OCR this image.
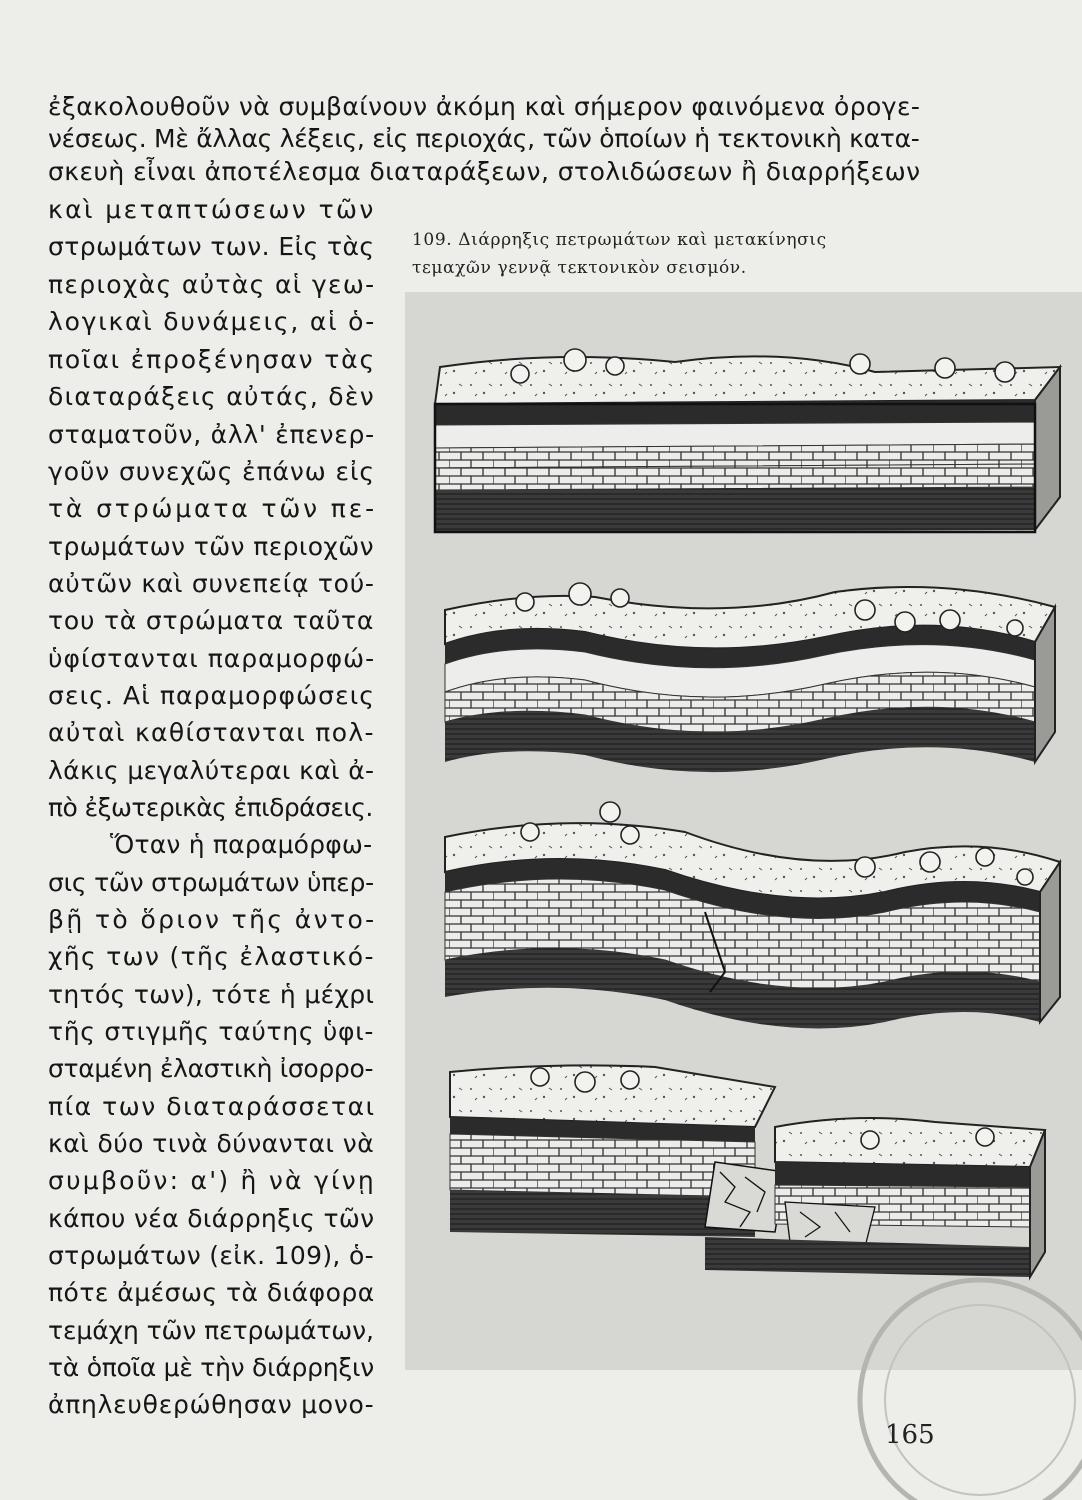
ἐξακολουθοῦν νὰ συμβαίνουν ἀκόμη καὶ σήμερον φαινόμενα ὀρογε-
νέσεως. Μὲ ἄλλας λέξεις, εἰς περιοχάς, τῶν ὁποίων ἡ τεκτονικὴ κατα-
σκευὴ εἶναι ἀποτέλεσμα διαταράξεων, στολιδώσεων ἢ διαρρήξεων
καὶ μεταπτώσεων τῶν
στρωμάτων των. Εἰς τὰς
περιοχὰς αὐτὰς αἱ γεω-
λογικαὶ δυνάμεις, αἱ ὁ-
ποῖαι ἐπροξένησαν τὰς
διαταράξεις αὐτάς, δὲν
σταματοῦν, ἀλλ' ἐπενερ-
γοῦν συνεχῶς ἐπάνω εἰς
τὰ στρώματα τῶν πε-
τρωμάτων τῶν περιοχῶν
αὐτῶν καὶ συνεπείᾳ τού-
του τὰ στρώματα ταῦτα
ὑφίστανται παραμορφώ-
σεις. Αἱ παραμορφώσεις
αὐταὶ καθίστανται πολ-
λάκις μεγαλύτεραι καὶ ἀ-
πὸ ἐξωτερικὰς ἐπιδράσεις.
Ὅταν ἡ παραμόρφω-
σις τῶν στρωμάτων ὑπερ-
βῇ τὸ ὅριον τῆς ἀντο-
χῆς των (τῆς ἐλαστικό-
τητός των), τότε ἡ μέχρι
τῆς στιγμῆς ταύτης ὑφι-
σταμένη ἐλαστικὴ ἰσορρο-
πία των διαταράσσεται
καὶ δύο τινὰ δύνανται νὰ
συμβοῦν: α') ἢ νὰ γίνῃ
κάπου νέα διάρρηξις τῶν
στρωμάτων (εἰκ. 109), ὁ-
πότε ἀμέσως τὰ διάφορα
τεμάχη τῶν πετρωμάτων,
τὰ ὁποῖα μὲ τὴν διάρρηξιν
ἀπηλευθερώθησαν μονο-
109. Διάρρηξις πετρωμάτων καὶ μετακίνησις
τεμαχῶν γεννᾷ τεκτονικὸν σεισμόν.
165
